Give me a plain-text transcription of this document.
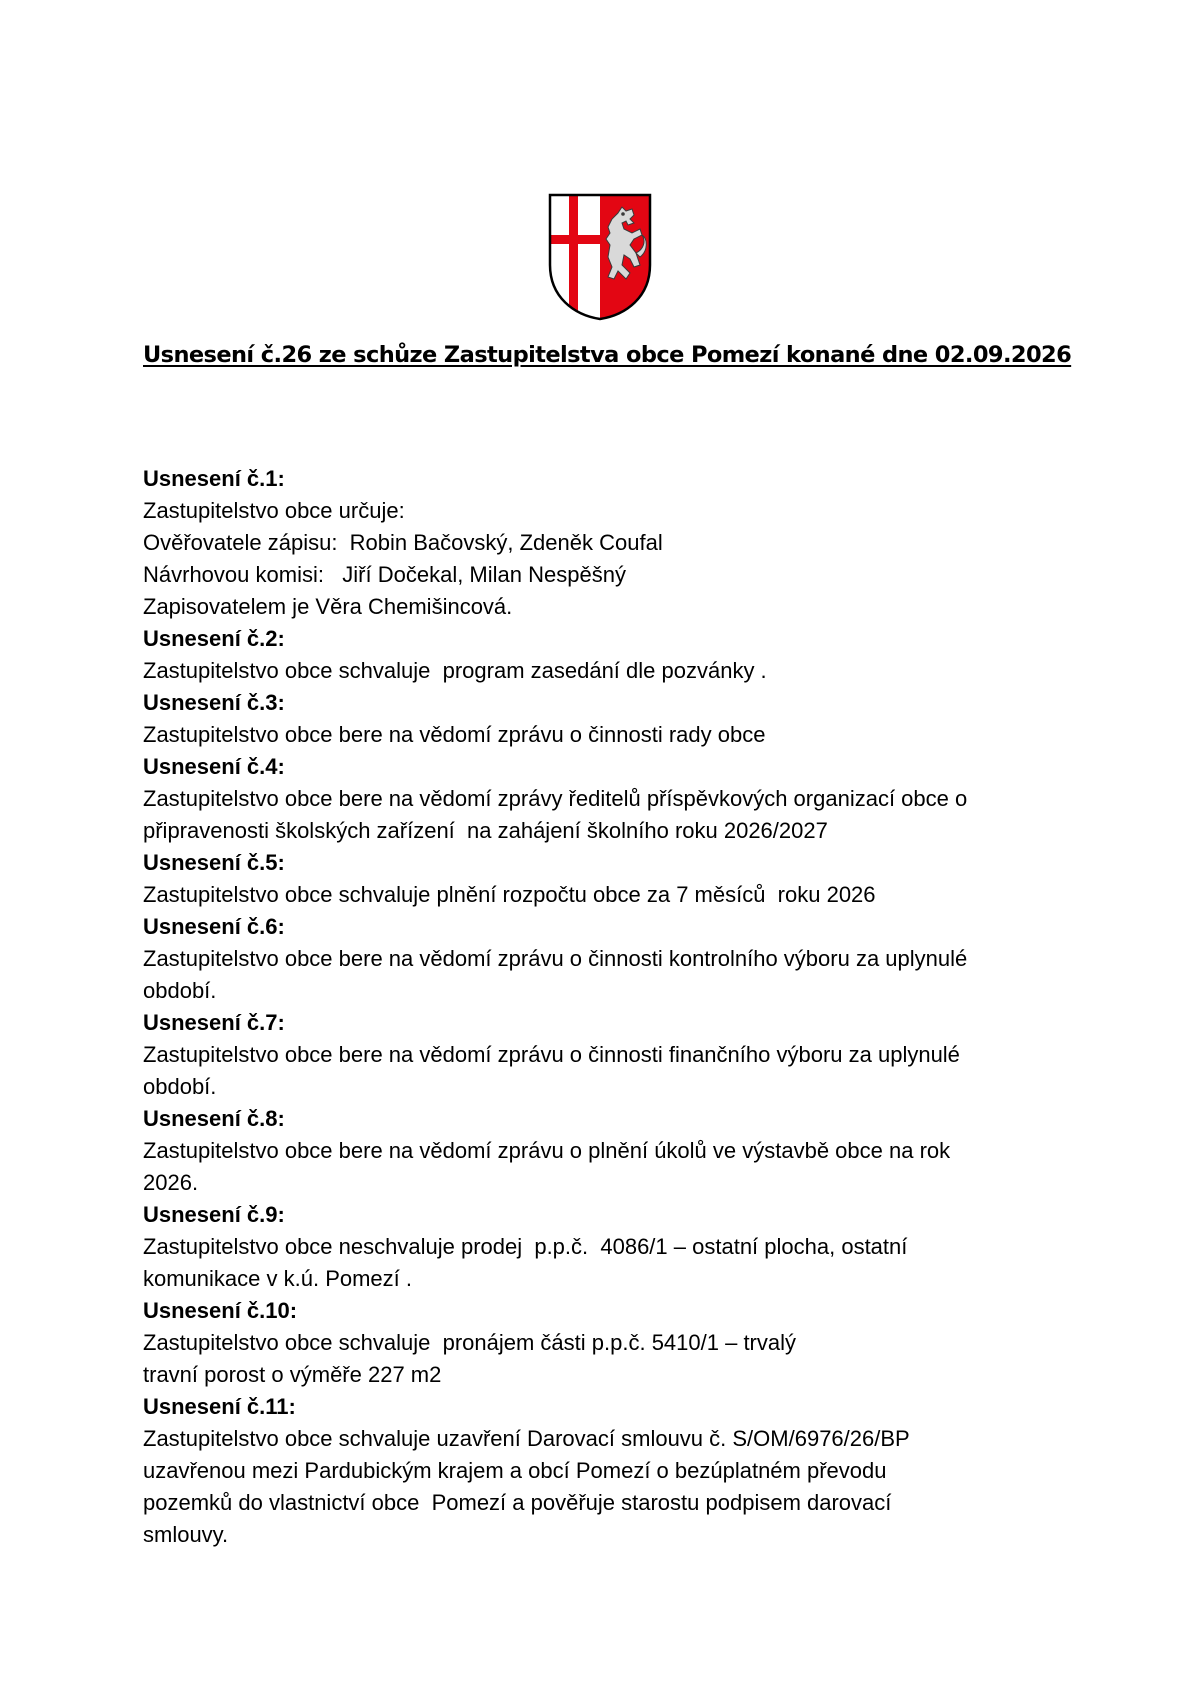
Usnesení č.26 ze schůze Zastupitelstva obce Pomezí konané dne 02.09.2026

Usnesení č.1:

Zastupitelstvo obce určuje:

Ověřovatele zápisu:  Robin Bačovský, Zdeněk Coufal

Návrhovou komisi:   Jiří Dočekal, Milan Nespěšný

Zapisovatelem je Věra Chemišincová.

Usnesení č.2:

Zastupitelstvo obce schvaluje  program zasedání dle pozvánky .

Usnesení č.3:

Zastupitelstvo obce bere na vědomí zprávu o činnosti rady obce

Usnesení č.4:

Zastupitelstvo obce bere na vědomí zprávy ředitelů příspěvkových organizací obce o

připravenosti školských zařízení  na zahájení školního roku 2026/2027

Usnesení č.5:

Zastupitelstvo obce schvaluje plnění rozpočtu obce za 7 měsíců  roku 2026

Usnesení č.6:

Zastupitelstvo obce bere na vědomí zprávu o činnosti kontrolního výboru za uplynulé

období.

Usnesení č.7:

Zastupitelstvo obce bere na vědomí zprávu o činnosti finančního výboru za uplynulé

období.

Usnesení č.8:

Zastupitelstvo obce bere na vědomí zprávu o plnění úkolů ve výstavbě obce na rok

2026.

Usnesení č.9:

Zastupitelstvo obce neschvaluje prodej  p.p.č.  4086/1 – ostatní plocha, ostatní

komunikace v k.ú. Pomezí .

Usnesení č.10:

Zastupitelstvo obce schvaluje  pronájem části p.p.č. 5410/1 – trvalý

travní porost o výměře 227 m2

Usnesení č.11:

Zastupitelstvo obce schvaluje uzavření Darovací smlouvu č. S/OM/6976/26/BP

uzavřenou mezi Pardubickým krajem a obcí Pomezí o bezúplatném převodu

pozemků do vlastnictví obce  Pomezí a pověřuje starostu podpisem darovací

smlouvy.
